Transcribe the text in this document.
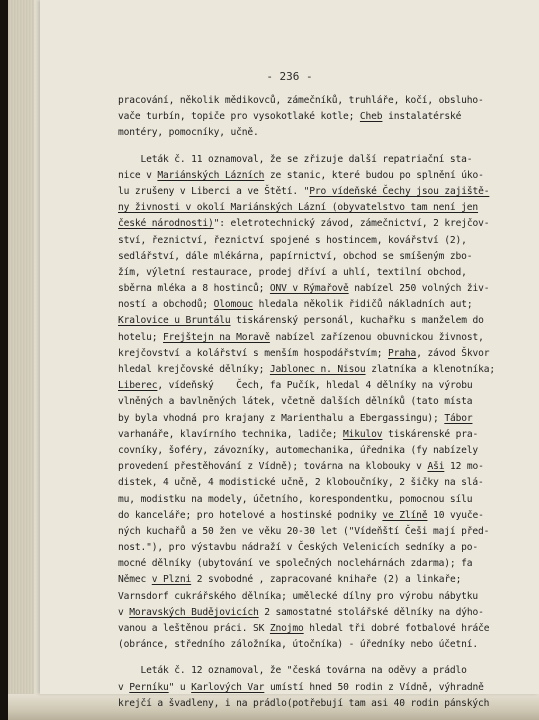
- 236 -
pracování, několik mědikovců, zámečníků, truhláře, kočí, obsluho-
vače turbín, topiče pro vysokotlaké kotle; Cheb instalatérské
montéry, pomocníky, učně.
Leták č. 11 oznamoval, že se zřizuje další repatriační sta-
nice v Mariánských Lázních ze stanic, které budou po splnění úko-
lu zrušeny v Liberci a ve Štětí. "Pro vídeňské Čechy jsou zajiště-
ny živnosti v okolí Mariánských Lázní (obyvatelstvo tam není jen
české národnosti)": eletrotechnický závod, zámečnictví, 2 krejčov-
ství, řeznictví, řeznictví spojené s hostincem, kovářství (2),
sedlářství, dále mlékárna, papírnictví, obchod se smíšeným zbo-
žím, výletní restaurace, prodej dříví a uhlí, textilní obchod,
sběrna mléka a 8 hostinců; ONV v Rýmařově nabízel 250 volných živ-
ností a obchodů; Olomouc hledala několik řidičů nákladních aut;
Kralovice u Bruntálu tiskárenský personál, kuchařku s manželem do
hotelu; Frejštejn na Moravě nabízel zařízenou obuvnickou živnost,
krejčovství a kolářství s menším hospodářstvím; Praha, závod Škvor
hledal krejčovské dělníky; Jablonec n. Nisou zlatníka a klenotníka;
Liberec, vídeňský    Čech, fa Pučík, hledal 4 dělníky na výrobu
vlněných a bavlněných látek, včetně dalších dělníků (tato místa
by byla vhodná pro krajany z Marienthalu a Ebergassingu); Tábor
varhanáře, klavírního technika, ladiče; Mikulov tiskárenské pra-
covníky, šoféry, závozníky, automechanika, úřednika (fy nabízely
provedení přestěhování z Vídně); továrna na klobouky v Aši 12 mo-
distek, 4 učně, 4 modistické učně, 2 kloboučníky, 2 šičky na slá-
mu, modistku na modely, účetního, korespondentku, pomocnou sílu
do kanceláře; pro hotelové a hostinské podniky ve Zlíně 10 vyuče-
ných kuchařů a 50 žen ve věku 20-30 let ("Vídeňští Češi mají před-
nost."), pro výstavbu nádraží v Českých Velenicích sedníky a po-
mocné dělníky (ubytování ve společných noclehárnách zdarma); fa
Němec v Plzni 2 svobodné , zapracované knihaře (2) a linkaře;
Varnsdorf cukrářského dělníka; umělecké dílny pro výrobu nábytku
v Moravských Budějovicích 2 samostatné stolářské dělníky na dýho-
vanou a leštěnou práci. SK Znojmo hledal tři dobré fotbalové hráče
(obránce, středního záložníka, útočníka) - úředníky nebo účetní.
Leták č. 12 oznamoval, že "česká továrna na oděvy a prádlo
v Perníku" u Karlových Var umístí hned 50 rodin z Vídně, výhradně
krejčí a švadleny, i na prádlo(potřebují tam asi 40 rodin pánských
